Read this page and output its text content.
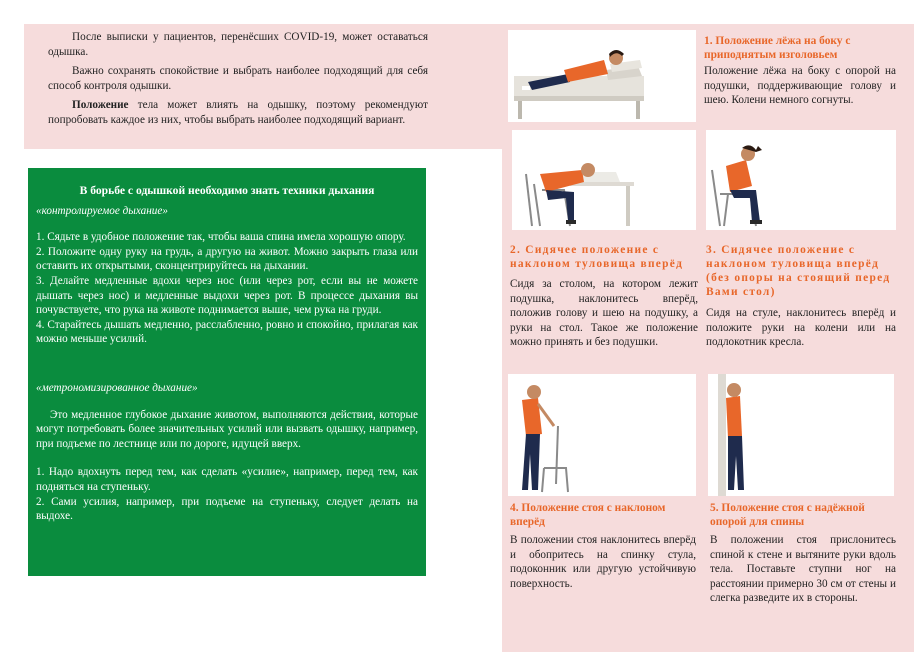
После выписки у пациентов, перенёсших COVID-19, может оставаться одышка.

Важно сохранять спокойствие и выбрать наиболее подходящий для себя способ контроля одышки.

Положение тела может влиять на одышку, поэтому рекомендуют попробовать каждое из них, чтобы выбрать наиболее подходящий вариант.

В борьбе с одышкой необходимо знать техники дыхания
«контролируемое дыхание»
1. Сядьте в удобное положение так, чтобы ваша спина имела хорошую опору.
2. Положите одну руку на грудь, а другую на живот. Можно закрыть глаза или оставить их открытыми, сконцентрируйтесь на дыхании.
3. Делайте медленные вдохи через нос (или через рот, если вы не можете дышать через нос) и медленные выдохи через рот. В процессе дыхания вы почувствуете, что рука на животе поднимается выше, чем рука на груди.
4. Старайтесь дышать медленно, расслабленно, ровно и спокойно, прилагая как можно меньше усилий.
«метрономизированное дыхание»
Это медленное глубокое дыхание животом, выполняются действия, которые могут потребовать более значительных усилий или вызвать одышку, например, при подъеме по лестнице или по дороге, идущей вверх.
1. Надо вдохнуть перед тем, как сделать «усилие», например, перед тем, как подняться на ступеньку.
2. Сами усилия, например, при подъеме на ступеньку, следует делать на выдохе.
1. Положение лёжа на боку с приподнятым изголовьем
Положение лёжа на боку с опорой на подушки, поддерживающие голову и шею. Колени немного согнуты.
2. Сидячее положение с наклоном туловища вперёд
Сидя за столом, на котором лежит подушка, наклонитесь вперёд, положив голову и шею на подушку, а руки на стол. Такое же положение можно принять и без подушки.
3. Сидячее положение с наклоном туловища вперёд (без опоры на стоящий перед Вами стол)
Сидя на стуле, наклонитесь вперёд и положите руки на колени или на подлокотник кресла.
4. Положение стоя с наклоном вперёд
В положении стоя наклонитесь вперёд и обопритесь на спинку стула, подоконник или другую устойчивую поверхность.
5. Положение стоя с надёжной опорой для спины
В положении стоя прислонитесь спиной к стене и вытяните руки вдоль тела. Поставьте ступни ног на расстоянии примерно 30 см от стены и слегка разведите их в стороны.
